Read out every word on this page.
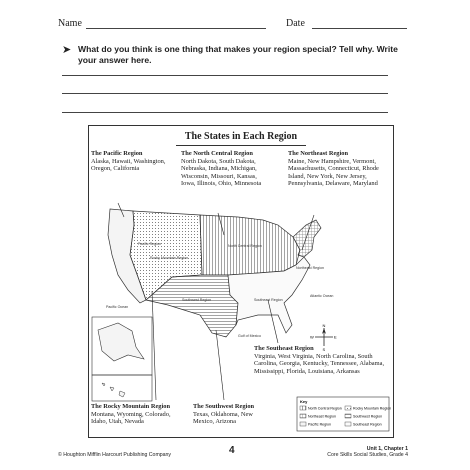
Name	Date
➤ What do you think is one thing that makes your region special? Tell why. Write your answer here.
The States in Each Region
The Pacific Region
Alaska, Hawaii, Washington, Oregon, California
The North Central Region
North Dakota, South Dakota, Nebraska, Indiana, Michigan, Wisconsin, Missouri, Kansas, Iowa, Illinois, Ohio, Minnesota
The Northeast Region
Maine, New Hampshire, Vermont, Massachusetts, Connecticut, Rhode Island, New York, New Jersey, Pennsylvania, Delaware, Maryland
The Southeast Region
Virginia, West Virginia, North Carolina, South Carolina, Georgia, Kentucky, Tennessee, Alabama, Mississippi, Florida, Louisiana, Arkansas
The Rocky Mountain Region
Montana, Wyoming, Colorado, Idaho, Utah, Nevada
The Southwest Region
Texas, Oklahoma, New Mexico, Arizona
Pacific Region
Rocky Mountain Region
North Central Region
Northeast Region
Southwest Region	Southeast Region
Atlantic Ocean
Pacific Ocean
Gulf of Mexico
N
S
E
W
Key
North Central Region	Rocky Mountain Region
Northeast Region	Southwest Region
Pacific Region	Southeast Region
© Houghton Mifflin Harcourt Publishing Company	4	Unit 1, Chapter 1
Core Skills Social Studies, Grade 4
